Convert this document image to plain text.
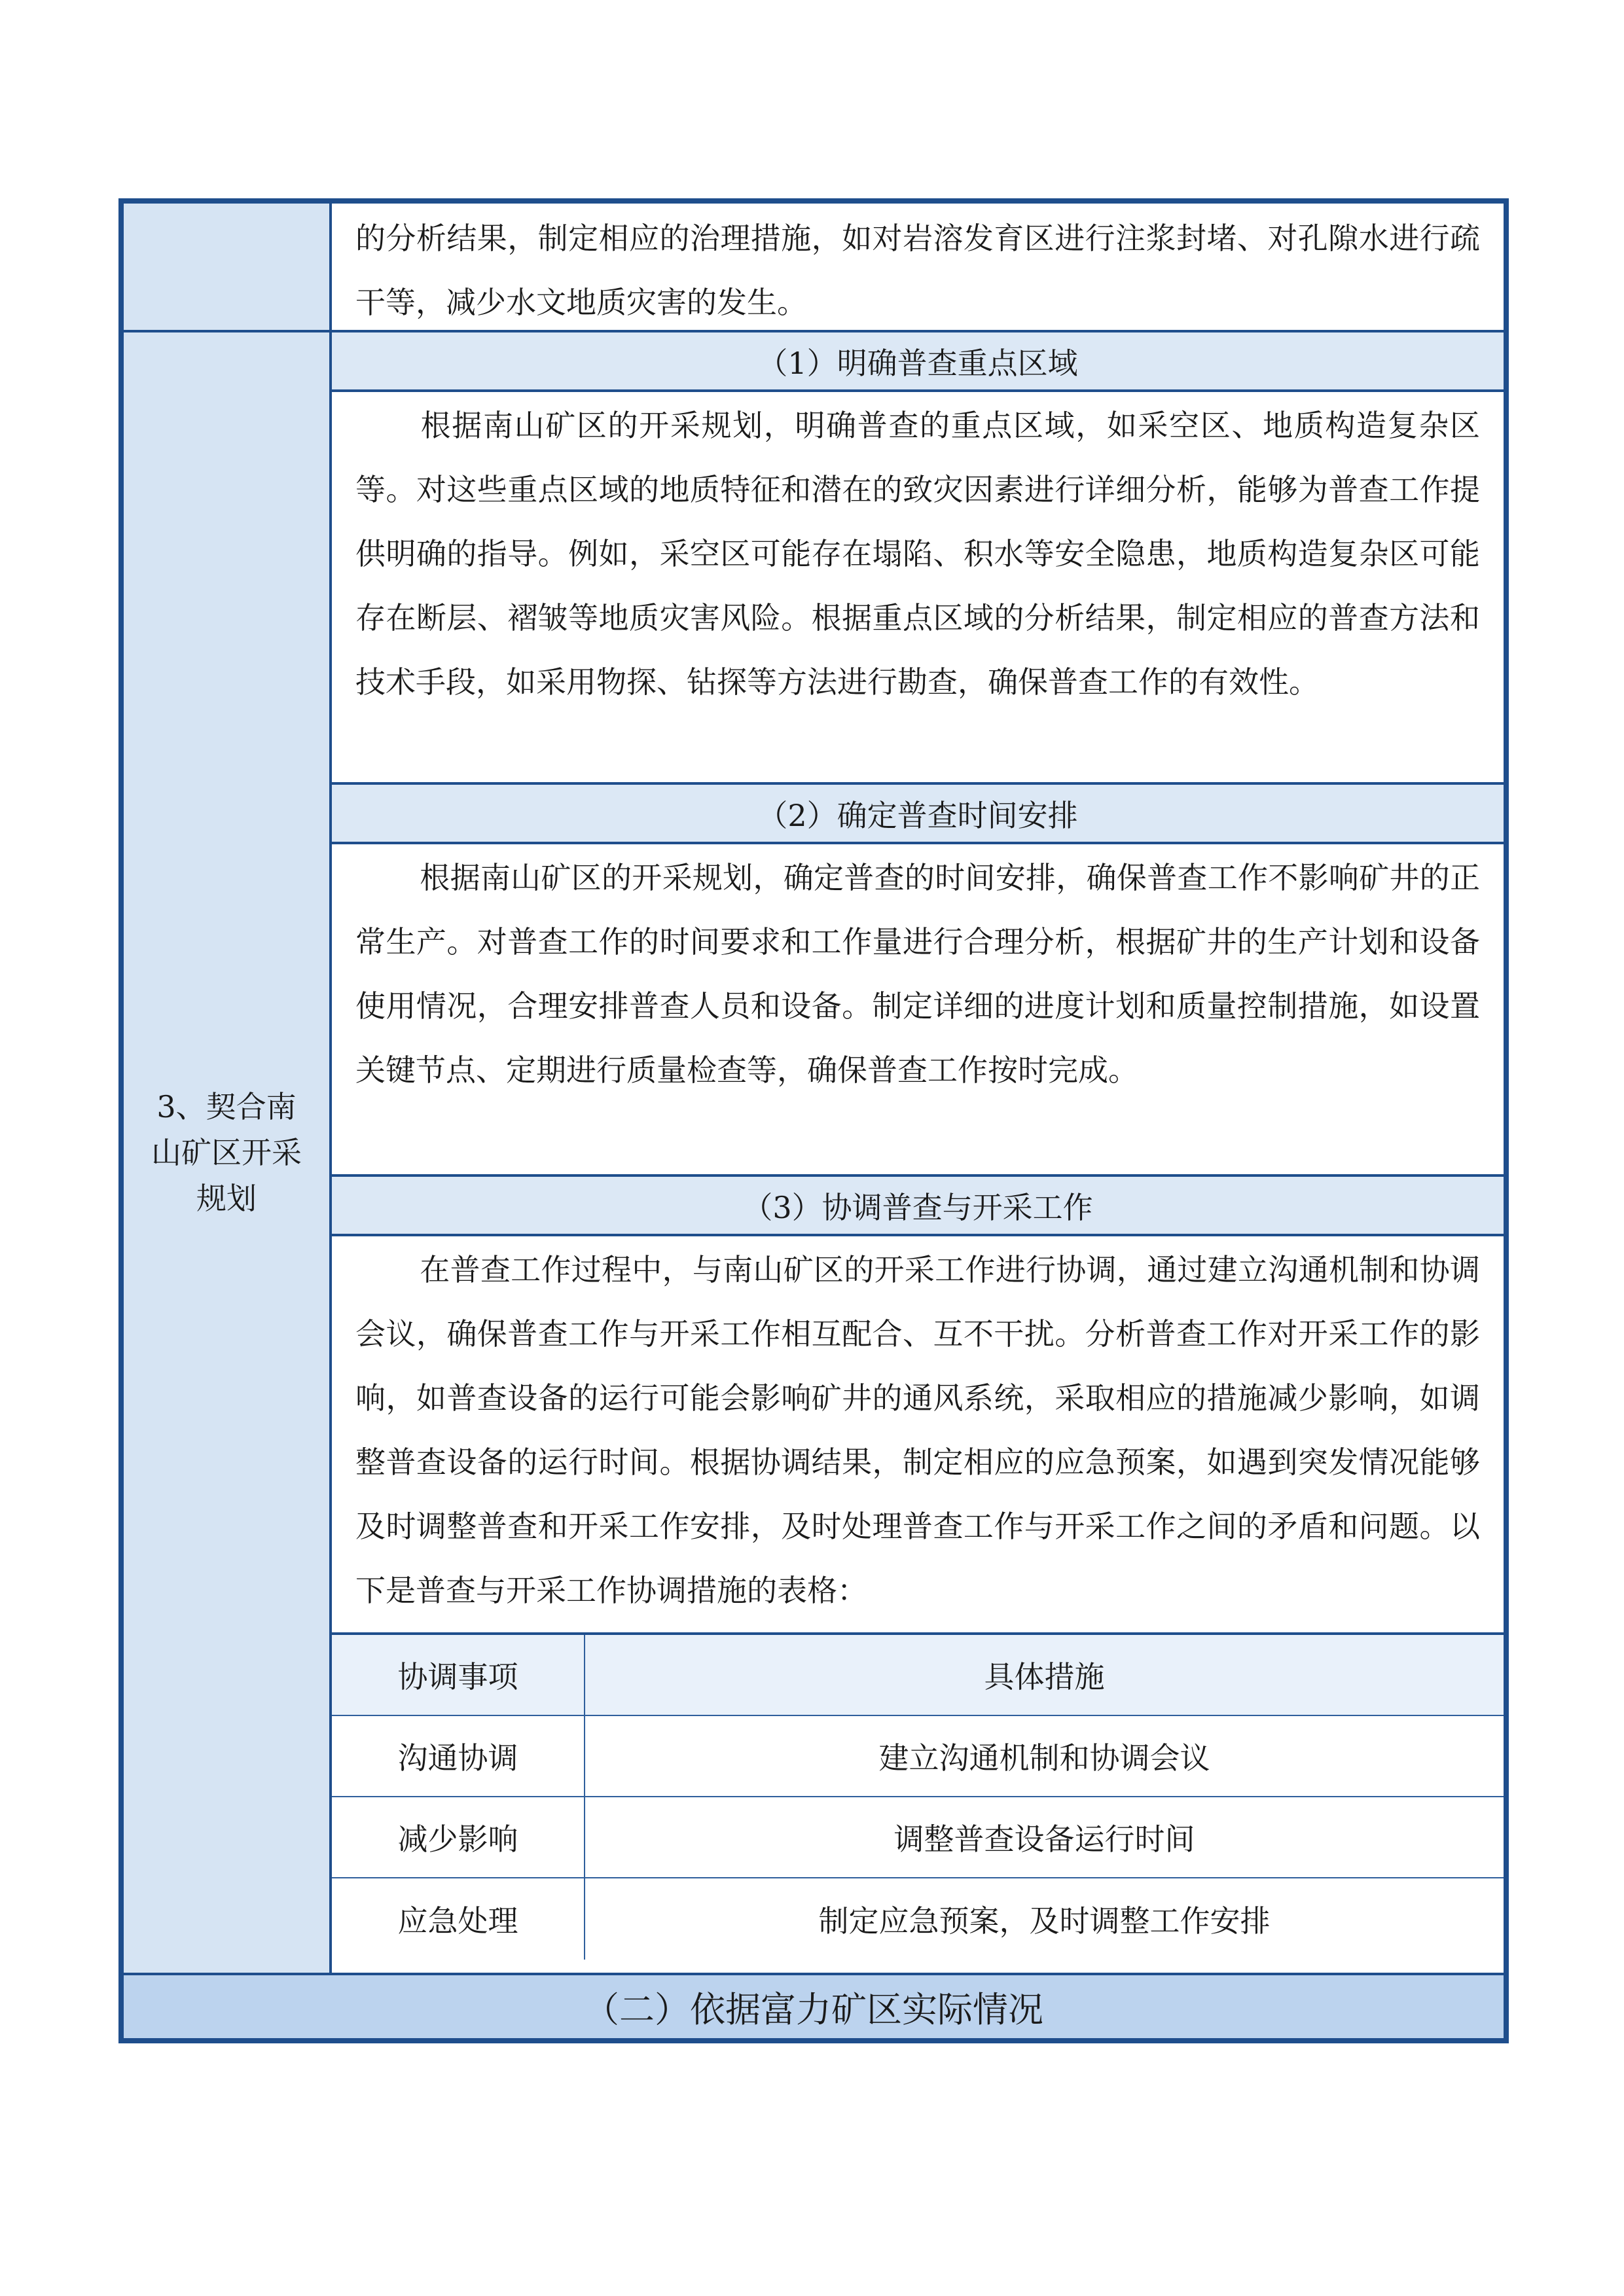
3、契合南山矿区开采规划
的分析结果，制定相应的治理措施，如对岩溶发育区进行注浆封堵、对孔隙水进行疏干等，减少水文地质灾害的发生。
（1）明确普查重点区域
根据南山矿区的开采规划，明确普查的重点区域，如采空区、地质构造复杂区等。对这些重点区域的地质特征和潜在的致灾因素进行详细分析，能够为普查工作提供明确的指导。例如，采空区可能存在塌陷、积水等安全隐患，地质构造复杂区可能存在断层、褶皱等地质灾害风险。根据重点区域的分析结果，制定相应的普查方法和技术手段，如采用物探、钻探等方法进行勘查，确保普查工作的有效性。
（2）确定普查时间安排
根据南山矿区的开采规划，确定普查的时间安排，确保普查工作不影响矿井的正常生产。对普查工作的时间要求和工作量进行合理分析，根据矿井的生产计划和设备使用情况，合理安排普查人员和设备。制定详细的进度计划和质量控制措施，如设置关键节点、定期进行质量检查等，确保普查工作按时完成。
（3）协调普查与开采工作
在普查工作过程中，与南山矿区的开采工作进行协调，通过建立沟通机制和协调会议，确保普查工作与开采工作相互配合、互不干扰。分析普查工作对开采工作的影响，如普查设备的运行可能会影响矿井的通风系统，采取相应的措施减少影响，如调整普查设备的运行时间。根据协调结果，制定相应的应急预案，如遇到突发情况能够及时调整普查和开采工作安排，及时处理普查工作与开采工作之间的矛盾和问题。以下是普查与开采工作协调措施的表格：
协调事项	具体措施
沟通协调	建立沟通机制和协调会议
减少影响	调整普查设备运行时间
应急处理	制定应急预案，及时调整工作安排
（二）依据富力矿区实际情况
